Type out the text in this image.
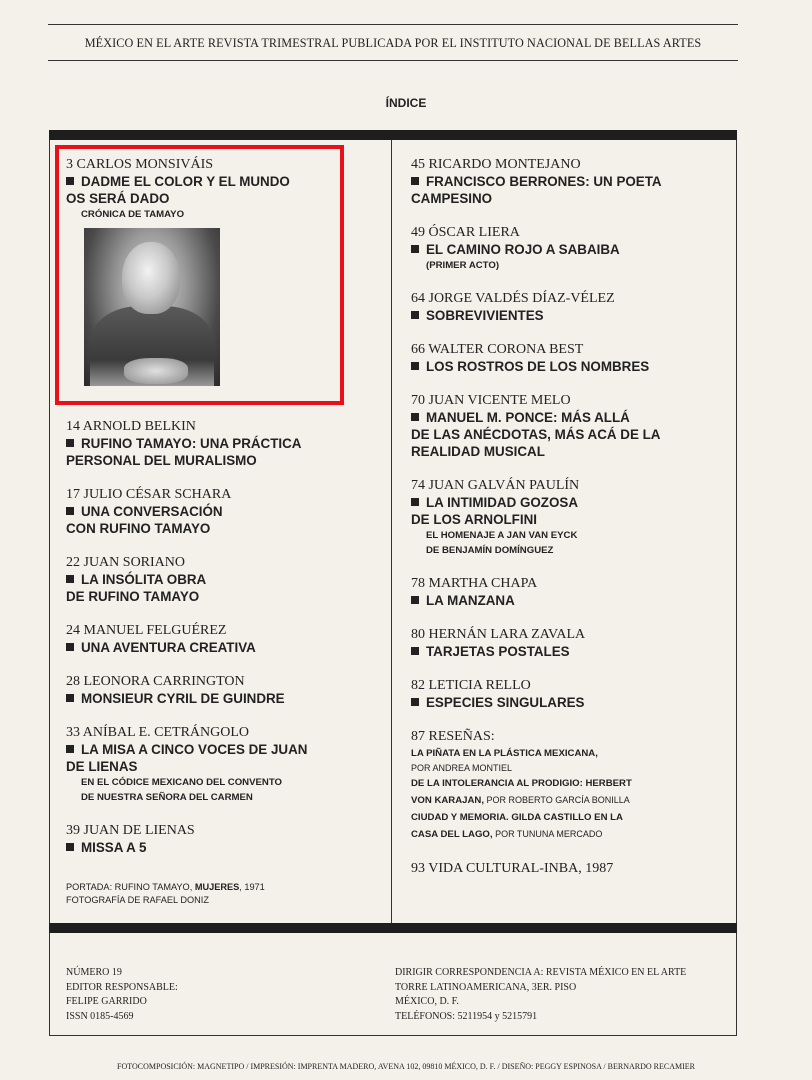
MÉXICO EN EL ARTE REVISTA TRIMESTRAL PUBLICADA POR EL INSTITUTO NACIONAL DE BELLAS ARTES
ÍNDICE
3 CARLOS MONSIVÁIS
DADME EL COLOR Y EL MUNDO
OS SERÁ DADO
CRÓNICA DE TAMAYO
14 ARNOLD BELKIN
RUFINO TAMAYO: UNA PRÁCTICA
PERSONAL DEL MURALISMO
17 JULIO CÉSAR SCHARA
UNA CONVERSACIÓN
CON RUFINO TAMAYO
22 JUAN SORIANO
LA INSÓLITA OBRA
DE RUFINO TAMAYO
24 MANUEL FELGUÉREZ
UNA AVENTURA CREATIVA
28 LEONORA CARRINGTON
MONSIEUR CYRIL DE GUINDRE
33 ANÍBAL E. CETRÁNGOLO
LA MISA A CINCO VOCES DE JUAN
DE LIENAS
EN EL CÓDICE MEXICANO DEL CONVENTO
DE NUESTRA SEÑORA DEL CARMEN
39 JUAN DE LIENAS
MISSA A 5
PORTADA: RUFINO TAMAYO, MUJERES, 1971
FOTOGRAFÍA DE RAFAEL DONIZ
45 RICARDO MONTEJANO
FRANCISCO BERRONES: UN POETA
CAMPESINO
49 ÓSCAR LIERA
EL CAMINO ROJO A SABAIBA
(PRIMER ACTO)
64 JORGE VALDÉS DÍAZ-VÉLEZ
SOBREVIVIENTES
66 WALTER CORONA BEST
LOS ROSTROS DE LOS NOMBRES
70 JUAN VICENTE MELO
MANUEL M. PONCE: MÁS ALLÁ
DE LAS ANÉCDOTAS, MÁS ACÁ DE LA
REALIDAD MUSICAL
74 JUAN GALVÁN PAULÍN
LA INTIMIDAD GOZOSA
DE LOS ARNOLFINI
EL HOMENAJE A JAN VAN EYCK
DE BENJAMÍN DOMÍNGUEZ
78 MARTHA CHAPA
LA MANZANA
80 HERNÁN LARA ZAVALA
TARJETAS POSTALES
82 LETICIA RELLO
ESPECIES SINGULARES
87 RESEÑAS:
LA PIÑATA EN LA PLÁSTICA MEXICANA,
POR ANDREA MONTIEL
DE LA INTOLERANCIA AL PRODIGIO: HERBERT
VON KARAJAN, POR ROBERTO GARCÍA BONILLA
CIUDAD Y MEMORIA. GILDA CASTILLO EN LA
CASA DEL LAGO, POR TUNUNA MERCADO
93 VIDA CULTURAL-INBA, 1987
NÚMERO 19
EDITOR RESPONSABLE:
FELIPE GARRIDO
ISSN 0185-4569
DIRIGIR CORRESPONDENCIA A: REVISTA MÉXICO EN EL ARTE
TORRE LATINOAMERICANA, 3ER. PISO
MÉXICO, D. F.
TELÉFONOS: 5211954 y 5215791
FOTOCOMPOSICIÓN: MAGNETIPO / IMPRESIÓN: IMPRENTA MADERO, AVENA 102, 09810 MÉXICO, D. F. / DISEÑO: PEGGY ESPINOSA / BERNARDO RECAMIER
